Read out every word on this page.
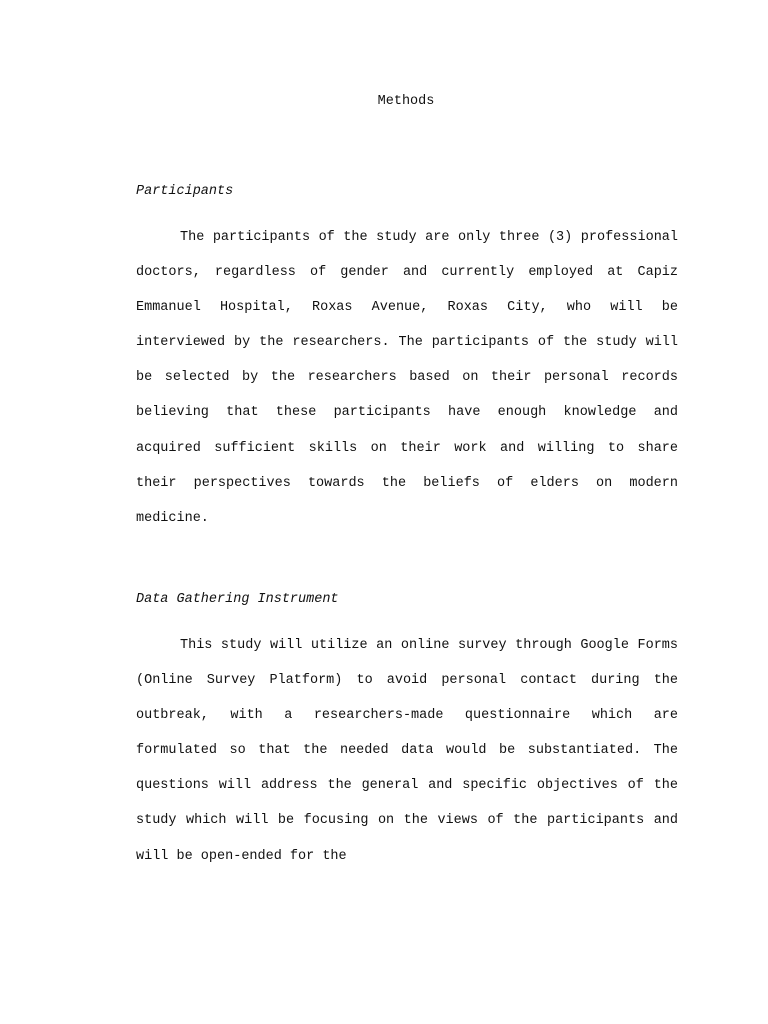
Methods
Participants

The participants of the study are only three (3) professional doctors, regardless of gender and currently employed at Capiz Emmanuel Hospital, Roxas Avenue, Roxas City, who will be interviewed by the researchers. The participants of the study will be selected by the researchers based on their personal records believing that these participants have enough knowledge and acquired sufficient skills on their work and willing to share their perspectives towards the beliefs of elders on modern medicine.

Data Gathering Instrument

This study will utilize an online survey through Google Forms (Online Survey Platform) to avoid personal contact during the outbreak, with a researchers-made questionnaire which are formulated so that the needed data would be substantiated. The questions will address the general and specific objectives of the study which will be focusing on the views of the participants and will be open-ended for the
